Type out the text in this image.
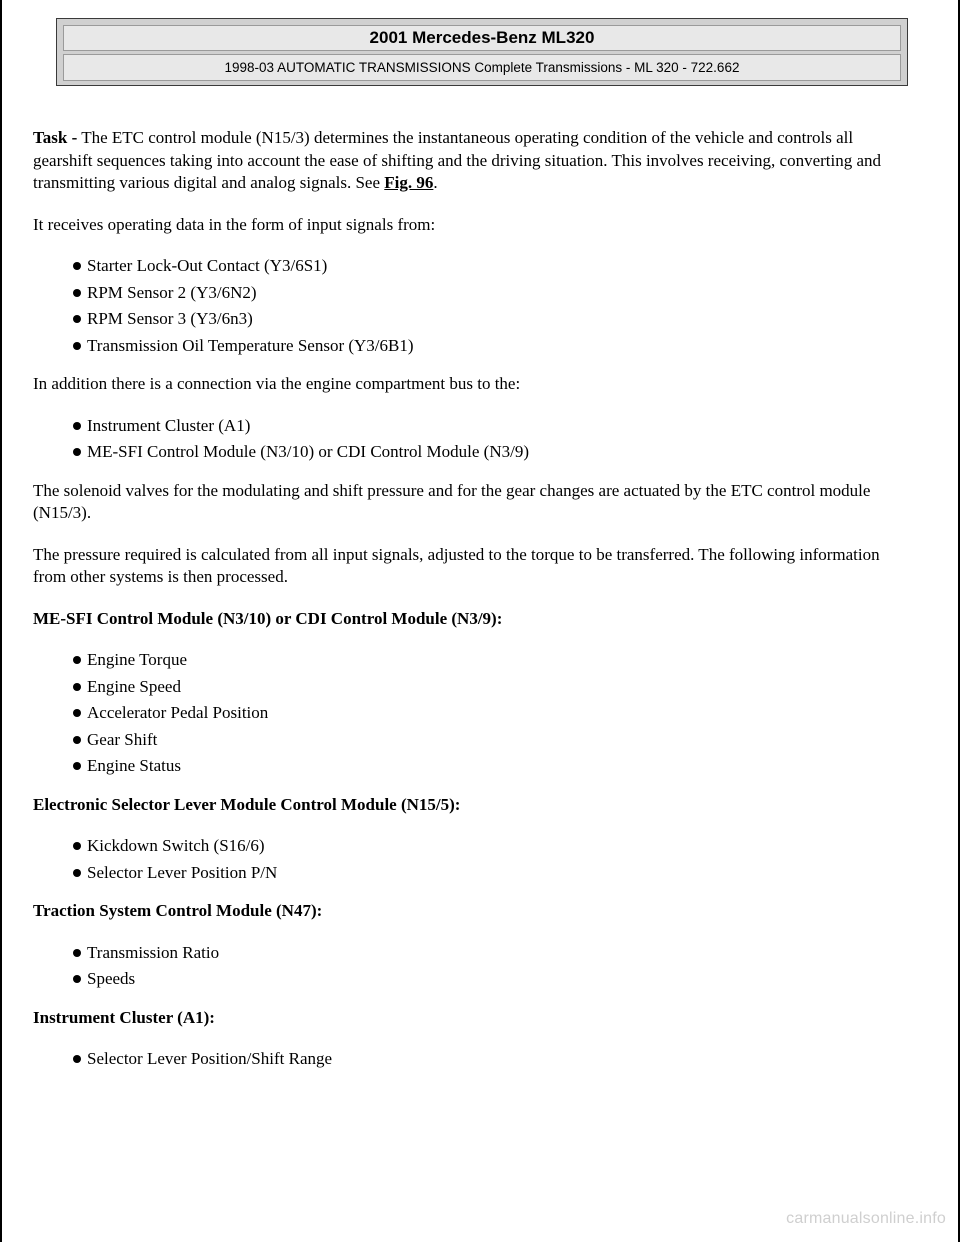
2001 Mercedes-Benz ML320
1998-03 AUTOMATIC TRANSMISSIONS Complete Transmissions - ML 320 - 722.662

Task - The ETC control module (N15/3) determines the instantaneous operating condition of the vehicle and controls all gearshift sequences taking into account the ease of shifting and the driving situation. This involves receiving, converting and transmitting various digital and analog signals. See Fig. 96.

It receives operating data in the form of input signals from:

Starter Lock-Out Contact (Y3/6S1)
RPM Sensor 2 (Y3/6N2)
RPM Sensor 3 (Y3/6n3)
Transmission Oil Temperature Sensor (Y3/6B1)

In addition there is a connection via the engine compartment bus to the:

Instrument Cluster (A1)
ME-SFI Control Module (N3/10) or CDI Control Module (N3/9)

The solenoid valves for the modulating and shift pressure and for the gear changes are actuated by the ETC control module (N15/3).

The pressure required is calculated from all input signals, adjusted to the torque to be transferred. The following information from other systems is then processed.

ME-SFI Control Module (N3/10) or CDI Control Module (N3/9):

Engine Torque
Engine Speed
Accelerator Pedal Position
Gear Shift
Engine Status

Electronic Selector Lever Module Control Module (N15/5):

Kickdown Switch (S16/6)
Selector Lever Position P/N

Traction System Control Module (N47):

Transmission Ratio
Speeds

Instrument Cluster (A1):

Selector Lever Position/Shift Range
carmanualsonline.info
